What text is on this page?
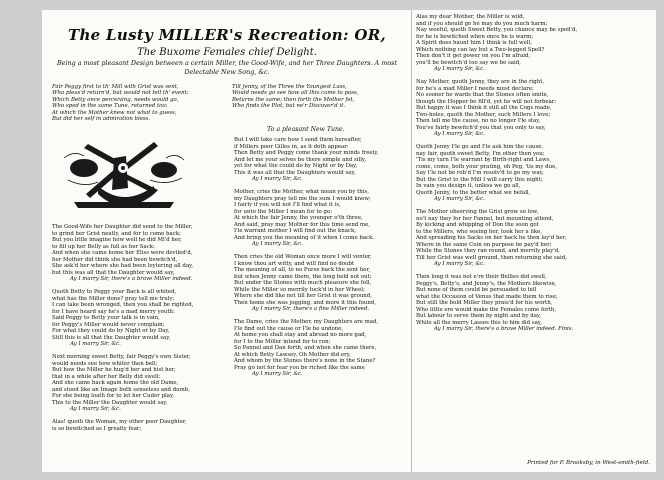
The Lusty MILLER's Recreation: OR,
The Buxome Females chief Delight.
Being a most pleasant Design between a certain Miller, the Good-Wife, and her Three Daughters. A most Delectable New Song, &c.
Fair Peggy first to th' Mill with Grist was sent,
Who pleas'd return'd, but would not tell th' event;
Which Betty once perceiving, needs would go,
Who sped in the same Tune, returned too;
At which the Mother knew not what to guess,
But did her self in admiration bless.
Till Jenny, of the Three the Youngest Lass,
Would needs go see how all this came to pass,
Returns the same; then forth the Mother fet,
Who finds the Plot, but ne'r Discover'd it.
To a pleasant New Tune.
The Good-Wife her Daughter did send to the Miller,
to grind her Grist neatly, and for to come back;
But you little imagine how well he did Ml'd her,
to fill up her Belly as full as her Sack:
And when she came home her Eliss were deviled'd,
her Mother did think she had been bewitch'd,
She ask'd her where she had been loytering all day,
but this was all that the Daughter would say,
Ay I marry Sir, there's a brave Miller indeed.
Quoth Betty to Peggy your Back is all whited,
what has the Miller done? pray tell me truly;
I can take been wronged, then you shall be righted,
for I have heard say he's a mad merry youth:
Said Peggy to Betty your talk is in vain,
for Peggy's Miller would never complain;
For what they could do by Night or by Day,
Still this is all that the Daughter would say,
Ay I marry Sir, &c.
Next morning sweet Betty, fair Peggy's own Sister,
would needs see how whiter then bell;
But how the Miller he hug'd her and hist her,
that in a while after her Belly did swell:
And she came back again home the old Dame,
and stood like an Image both senseless and dumb,
For she being loath for to let her Cuder play,
This to the Miller the Daughter would say,
Ay I marry Sir, &c.
Alas! quoth the Woman, my other poor Daughter,
is so bewitched as I greatly fear;
But I will take care how I send them hereafter,
if Millers poor Gilles in, as it doth appear:
Then Betty and Peggy come thank your minds freely,
And let me your selves be there simple and silly,
yet for what the could do by Night or by Day,
This it was all that the Daughters would say,
Ay I marry Sir, &c.
Mother, cries the Mother, what mean you by this,
my Daughters pray tell me the sum I would know;
I fairly if you will not I'll find what it is,
for unto the Miller I mean for to go:
At which the fair Jenny, the younger o'th three,
And said, pray may Mother for this time send me,
I'le warrant mother I will find out the knack,
And bring you the meaning of it when I come back.
Ay I marry Sir, &c.
Then cries the old Woman once more I will venter,
I know thou art witty, and will find no doubt
The meaning of all, to no Purse back the sent her,
but when Jenny came there, the long held not out;
But under the Stones with much pleasure she fell,
While the Miller so merrily tuck'd in her Wheel;
Where she did like not till her Grist it was ground,
Then home she was jogging, and more it this found,
Ay I marry Sir, there's a fine Miller indeed.
The Dame, cries the Mother, my Daughters are mad,
I'le find out the cause or I'le be undone,
At home you shall stay and abroad no more gad,
for I to the Miller intend for to run:
So Pannel and Dan forth, and when she came there,
At which Betty Lawsey, Oh Mother did ery,
And whom by the Stones there's none in the Stane?
Pray go not for fear you be riched like the same
Ay I marry Sir, &c.
Alas my dear Mother, the Miller is wild,
and if you should go he may do you much harm;
Nay woeful, quoth Sweet Betty, you chance may be spoil'd,
for he is bewitched when once he is warm;
A Spirit does haunt him I think is full well,
Which nothing can lay but a Two-legged Spell?
Then don't it get power on you I'm afraid,
you'll be bewitch'd too say we be said,
Ay I marry Sir, &c.
Nay Mother, quoth Jenny, they are in the right,
for he's a mad Miller I needs must declare;
No sooner he wards that the Stones often smite,
though the Hopper be fill'd, yet he will not forbear:
But happy it was I think it still all the Cogs made,
Two-holes, quoth the Mother, such Millers I love;
Then tell me the cause, no no longer I'le stay,
You've fairly bewitch'd you that you only to say,
Ay I marry Sir, &c.
Quoth Jenny I'le go and I'le ask him the cause,
nay fair, quoth sweet Betty, I'm other then you;
'Tis my turn I'le warrant by Birth-right and Laws,
come, come, both your prating, oh Peg, 'tis my due,
Say I'le not be rob'd I'm resolv'd to go my way,
But the Grist to the Mill I will carry this night;
In vain you design it, unless we go all,
Quoth Jenny, to the better what we befall,
Ay I marry Sir, &c.
The Mother observing the Grist grow so low,
no't nay they for her Fannel, but mounting attend,
By kicking and whipping of Don the soon got
to the Millers, who seeing her, took her a like,
And spreading his Sacks on her back he then lay'd her,
Where in the same Coin on purpose he pay'd her;
While the Stones they ran round, and merrily play'd,
Till her Grist was well ground, then returning she said,
Ay I marry Sir, &c.
Then long it was not e're their Bellies did swell,
Peggy's, Betty's, and Jenny's, the Mothers likewise,
But none of them could be persuaded to tell
what the Occasion of Venus that made them to rise;
But still the bold Miller they prais'd for his worth,
Who little ere would make the Females come forth,
But labour to serve them by night and by day,
While all the merry Lasses this to him did say,
Ay I marry Sir, there's a brave Miller indeed. Finis.
Printed for P. Brooksby, in West-smith-field.
